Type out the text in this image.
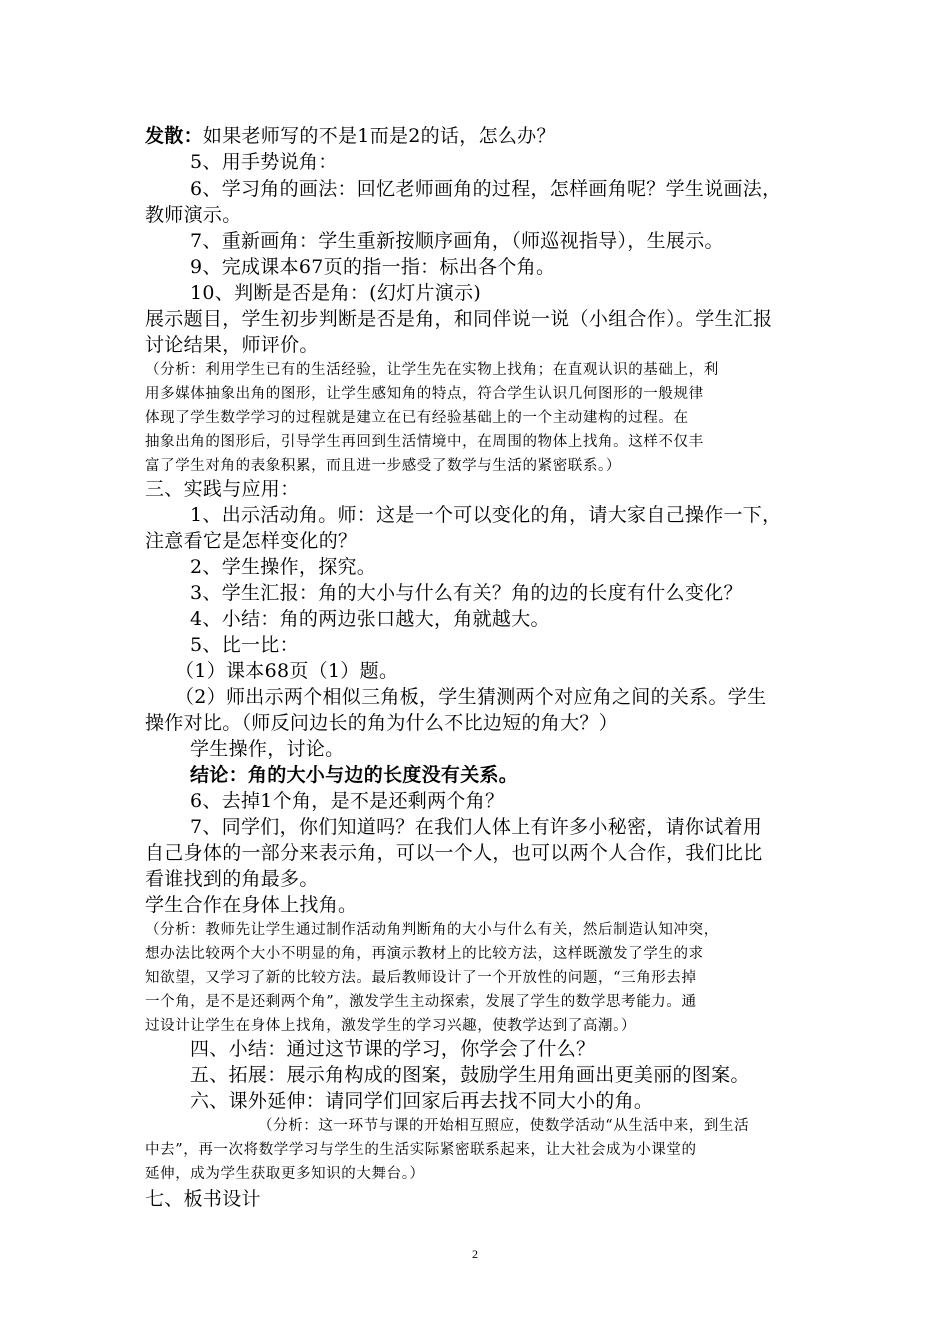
发散：如果老师写的不是1而是2的话，怎么办？
5、用手势说角：
6、学习角的画法：回忆老师画角的过程，怎样画角呢？学生说画法，
教师演示。
7、重新画角：学生重新按顺序画角，（师巡视指导），生展示。
9、完成课本67页的指一指：标出各个角。
10、判断是否是角：(幻灯片演示)
展示题目，学生初步判断是否是角，和同伴说一说（小组合作）。学生汇报
讨论结果，师评价。
（分析：利用学生已有的生活经验，让学生先在实物上找角；在直观认识的基础上，利
用多媒体抽象出角的图形，让学生感知角的特点，符合学生认识几何图形的一般规律
体现了学生数学学习的过程就是建立在已有经验基础上的一个主动建构的过程。在
抽象出角的图形后，引导学生再回到生活情境中，在周围的物体上找角。这样不仅丰
富了学生对角的表象积累，而且进一步感受了数学与生活的紧密联系。）
三、实践与应用：
1、出示活动角。师：这是一个可以变化的角，请大家自己操作一下，
注意看它是怎样变化的？
2、学生操作，探究。
3、学生汇报：角的大小与什么有关？角的边的长度有什么变化？
4、小结：角的两边张口越大，角就越大。
5、比一比：
（1）课本68页（1）题。
（2）师出示两个相似三角板，学生猜测两个对应角之间的关系。学生
操作对比。（师反问边长的角为什么不比边短的角大？）
学生操作，讨论。
结论：角的大小与边的长度没有关系。
6、去掉1个角，是不是还剩两个角？
7、同学们，你们知道吗？在我们人体上有许多小秘密，请你试着用
自己身体的一部分来表示角，可以一个人，也可以两个人合作，我们比比
看谁找到的角最多。
学生合作在身体上找角。
（分析：教师先让学生通过制作活动角判断角的大小与什么有关，然后制造认知冲突，
想办法比较两个大小不明显的角，再演示教材上的比较方法，这样既激发了学生的求
知欲望，又学习了新的比较方法。最后教师设计了一个开放性的问题，“三角形去掉
一个角，是不是还剩两个角”，激发学生主动探索，发展了学生的数学思考能力。通
过设计让学生在身体上找角，激发学生的学习兴趣，使教学达到了高潮。）
四、小结：通过这节课的学习，你学会了什么？
五、拓展：展示角构成的图案，鼓励学生用角画出更美丽的图案。
六、课外延伸：请同学们回家后再去找不同大小的角。
（分析：这一环节与课的开始相互照应，使数学活动“从生活中来，到生活
中去”，再一次将数学学习与学生的生活实际紧密联系起来，让大社会成为小课堂的
延伸，成为学生获取更多知识的大舞台。）
七、板书设计
2
